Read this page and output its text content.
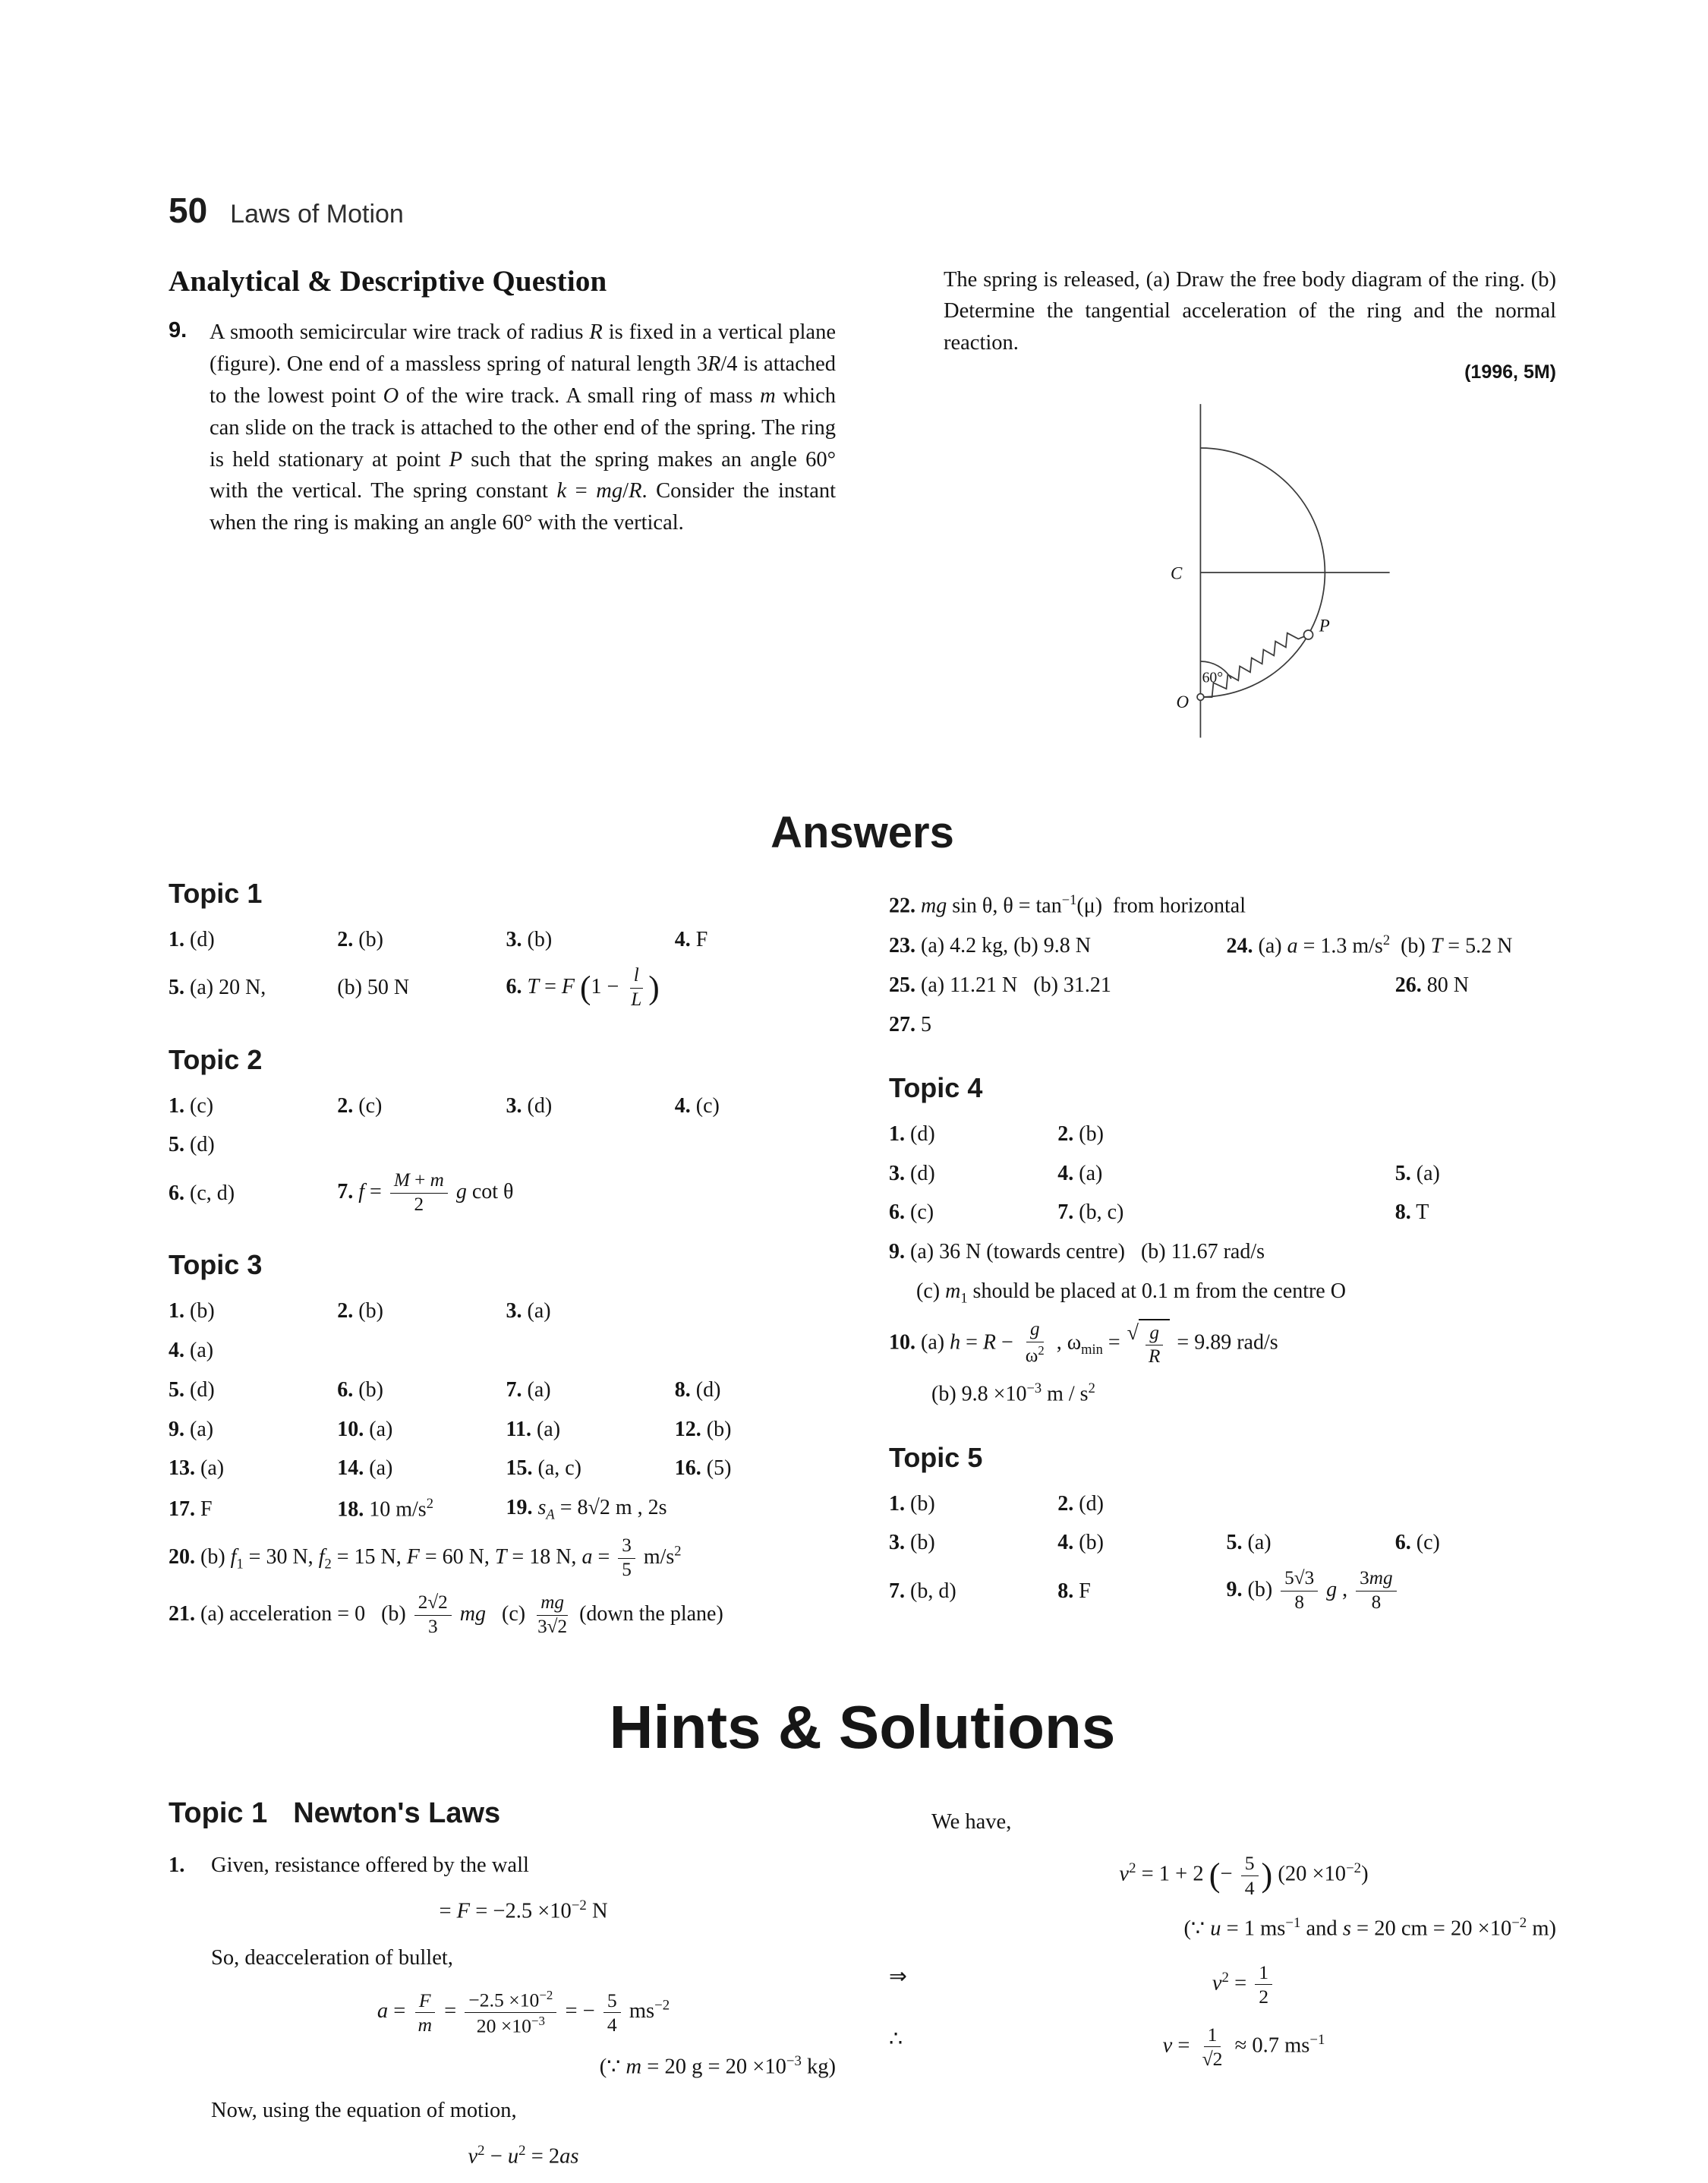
50 Laws of Motion
Analytical & Descriptive Question
9.	A smooth semicircular wire track of radius R is fixed in a vertical plane (figure). One end of a massless spring of natural length 3R/4 is attached to the lowest point O of the wire track. A small ring of mass m which can slide on the track is attached to the other end of the spring. The ring is held stationary at point P such that the spring makes an angle 60° with the vertical. The spring constant k = mg/R. Consider the instant when the ring is making an angle 60° with the vertical.

The spring is released, (a) Draw the free body diagram of the ring. (b) Determine the tangential acceleration of the ring and the normal reaction.

(1996, 5M)
C
P
O
60°
Answers
Topic 1
1. (d)	2. (b)	3. (b)	4. F
5. (a) 20 N,	(b) 50 N	6. T = F ($1 - \frac{l}{L}$ )
Topic 2
1. (c)	2. (c)	3. (d)	4. (c)
5. (d)
6. (c, d)	7. $f = \frac{M + m}{2}$ g cot θ
Topic 3
1. (b)	2. (b)	3. (a)
4. (a)
5. (d)	6. (b)	7. (a)	8. (d)
9. (a)	10. (a)	11. (a)	12. (b)
13. (a)	14. (a)	15. (a, c)	16. (5)
17. F	18. 10 $m/s^2$	19. $s_A = 8√2$ m , 2s
20. (b) $f_1 = 30$ N, $f_2 = 15$ N, F = 60 N, T = 18 N, $a = \frac{3}{5} m/s^2$
21. (a) acceleration = 0   $(b) \frac{2√2}{3}$ mg   $(c) \frac{mg}{3√2}$ (down the plane)
22. mg sin θ, $\theta = \tan^{-1}(\mu)$  from horizontal
23. (a) 4.2 kg, (b) 9.8 N	24. (a) a = 1.3 $m/s^2$  (b) T = 5.2 N
25. (a) 11.21 N   (b) 31.21	26. 80 N
27. 5
Topic 4
1. (d)	2. (b)
3. (d)	4. (a)	5. (a)
6. (c)	7. (b, c)	8. T
9. (a) 36 N (towards centre)   (b) 11.67 rad/s
(c) $m_1$ should be placed at 0.1 m from the centre O
10. (a) $h = R - \frac{g}{\omega^2}$ , $\omega_{min}$ = √ $\frac{g}{R} = 9.89$ rad/s
(b) $9.8 \times 10^{-3}$ m / $s^2$
Topic 5
1. (b)	2. (d)
3. (b)	4. (b)	5. (a)	6. (c)
7. (b, d)	8. F	9. $(b) \frac{5√3}{8}$ g , $\frac{3mg}{8}$
Hints & Solutions
Topic 1 Newton's Laws
1. Given, resistance offered by the wall
= $F = -2.5 \times 10^{-2}$ N
So, deacceleration of bullet,
$a = \frac{F}{m} = \frac{-2.5 \times 10^{-2}}{20 \times 10^{-3}}$ = − $\frac{5}{4} ms^{-2}$
(∵ m = 20 $g = 20 \times 10^{-3}$ kg)
Now, using the equation of motion,
$v^2 - u^2 = 2as$
We have,
$v^2 = 1 + 2$ (− $\frac{5}{4}$ ) $(20 \times 10^{-2})$
(∵ u = 1 $ms^{-1}$ and s = 20 cm = $20 \times 10^{-2}$ m)
⇒	$v^2 = \frac{1}{2}$
∴	$v = \frac{1}{√2} \approx 0.7$ $ms^{-1}$
